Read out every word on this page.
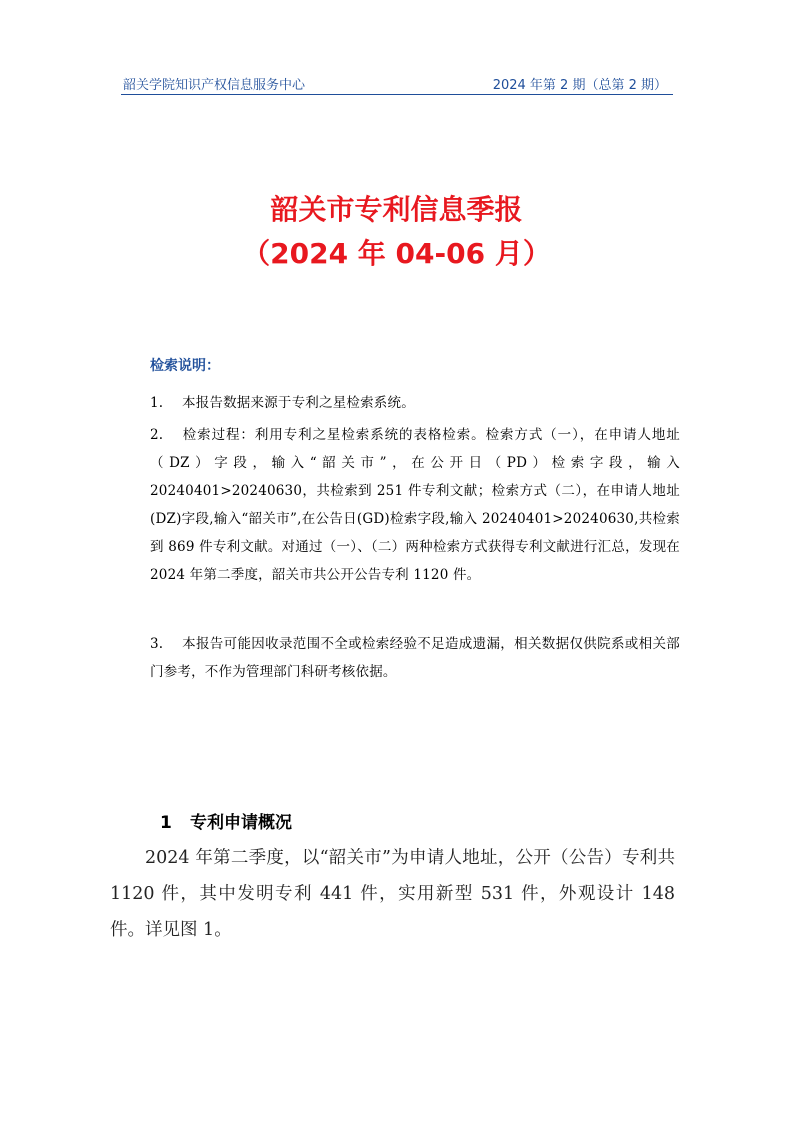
韶关学院知识产权信息服务中心	2024 年第 2 期（总第 2 期）
韶关市专利信息季报
（2024 年 04-06 月）
检索说明：
1. 本报告数据来源于专利之星检索系统。
2. 检索过程：利用专利之星检索系统的表格检索。检索方式（一），在申请人地址（DZ）字段，输入“韶关市”，在公开日（PD）检索字段，输入 20240401>20240630，共检索到 251 件专利文献；检索方式（二），在申请人地址(DZ)字段,输入“韶关市”,在公告日(GD)检索字段,输入 20240401>20240630,共检索到 869 件专利文献。对通过（一）、（二）两种检索方式获得专利文献进行汇总，发现在 2024 年第二季度，韶关市共公开公告专利 1120 件。
3. 本报告可能因收录范围不全或检索经验不足造成遗漏，相关数据仅供院系或相关部门参考，不作为管理部门科研考核依据。
1 专利申请概况
2024 年第二季度，以“韶关市”为申请人地址，公开（公告）专利共 1120 件，其中发明专利 441 件，实用新型 531 件，外观设计 148 件。详见图 1。
